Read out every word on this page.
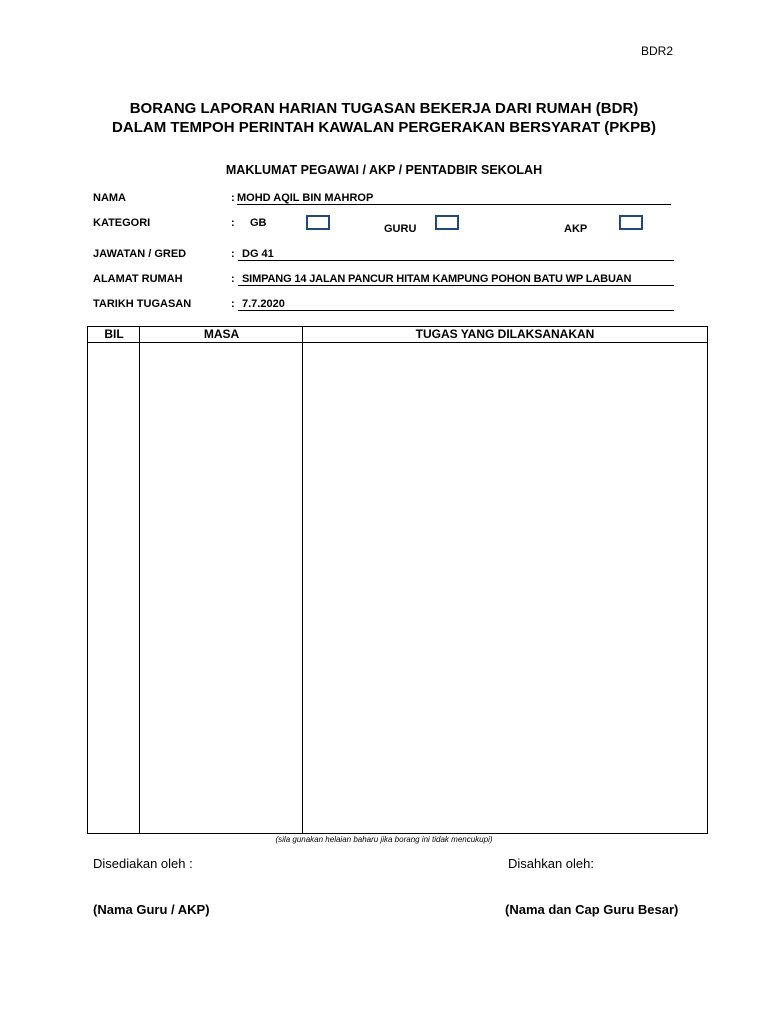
BDR2
BORANG LAPORAN HARIAN TUGASAN BEKERJA DARI RUMAH (BDR)
DALAM TEMPOH PERINTAH KAWALAN PERGERAKAN BERSYARAT (PKPB)
MAKLUMAT PEGAWAI / AKP / PENTADBIR SEKOLAH
NAMA	: MOHD AQIL BIN MAHROP
KATEGORI	: GB	GURU	AKP
JAWATAN / GRED	: DG 41
ALAMAT RUMAH	: SIMPANG 14 JALAN PANCUR HITAM KAMPUNG POHON BATU WP LABUAN
TARIKH TUGASAN	: 7.7.2020
BIL	MASA	TUGAS YANG DILAKSANAKAN
(sila gunakan helaian baharu jika borang ini tidak mencukupi)
Disediakan oleh :	Disahkan oleh:
(Nama Guru / AKP)	(Nama dan Cap Guru Besar)
